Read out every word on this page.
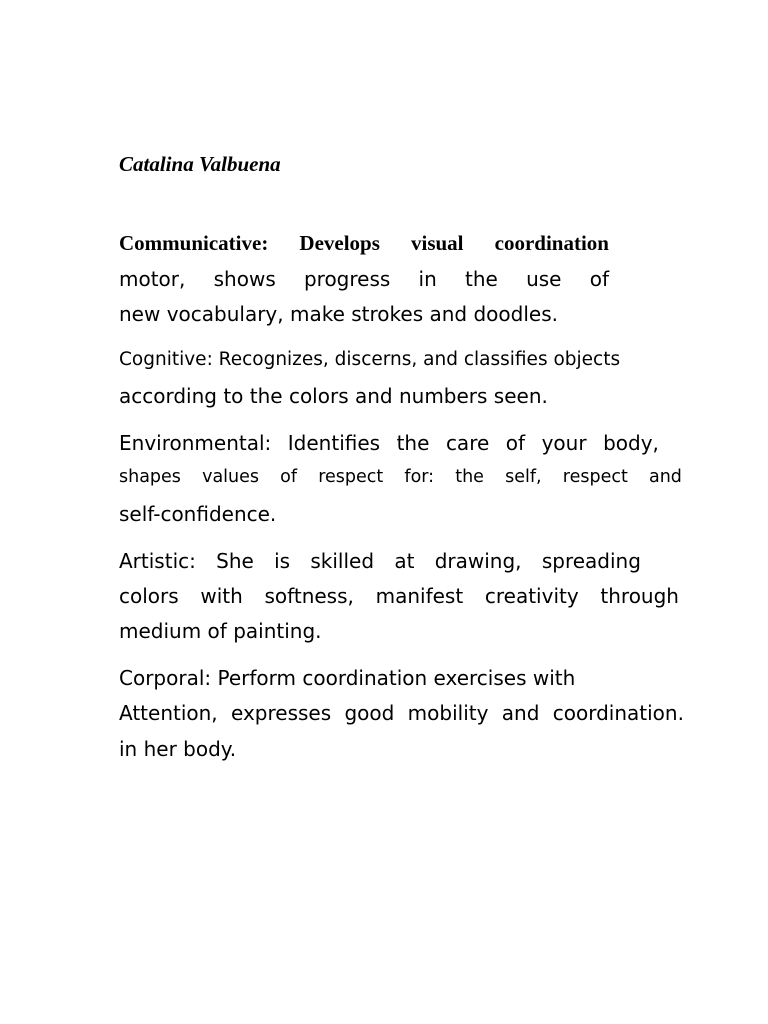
Catalina Valbuena
Communicative: Develops visual coordination
motor, shows progress in the use of
new vocabulary, make strokes and doodles.
Cognitive: Recognizes, discerns, and classifies objects
according to the colors and numbers seen.
Environmental: Identifies the care of your body,
shapes values of respect for: the self, respect and
self-confidence.
Artistic: She is skilled at drawing, spreading
colors with softness, manifest creativity through
medium of painting.
Corporal: Perform coordination exercises with
Attention, expresses good mobility and coordination.
in her body.
